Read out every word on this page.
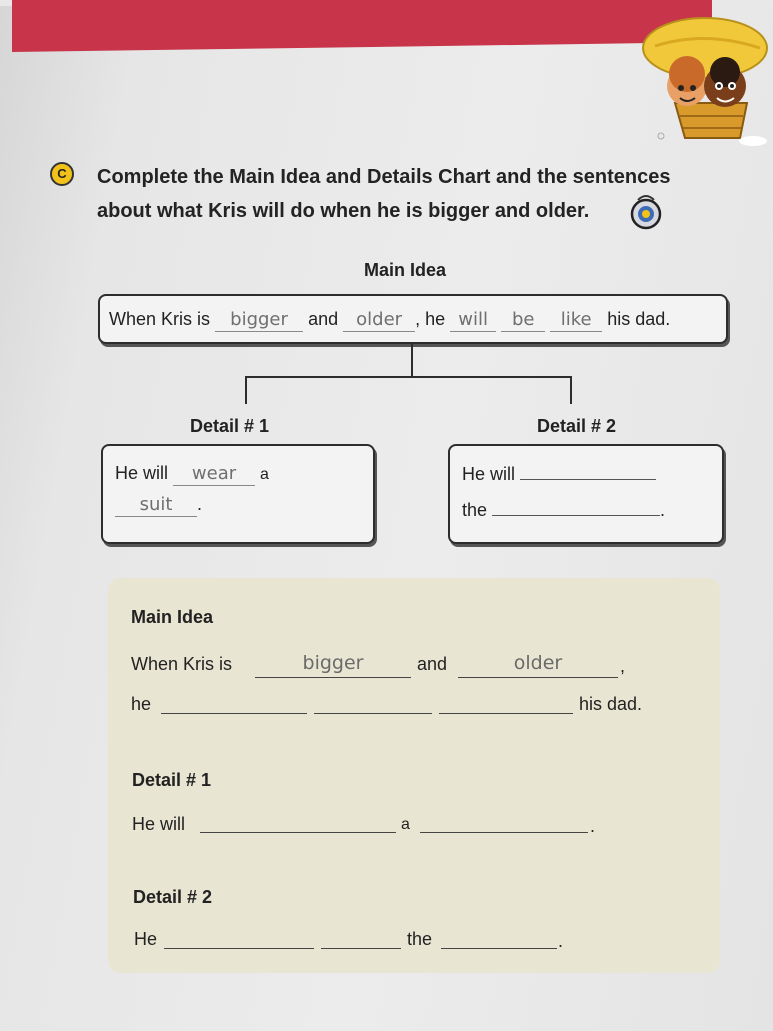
C	Complete the Main Idea and Details Chart and the sentences
about what Kris will do when he is bigger and older.
Main Idea
When Kris is bigger and older , he will be like his dad.
Detail # 1	Detail # 2
He will wear a
suit .
He will
the	.
Main Idea
When Kris is	bigger	and	older	,
he	his dad.
Detail # 1
He will	a	.
Detail # 2
He	the	.
